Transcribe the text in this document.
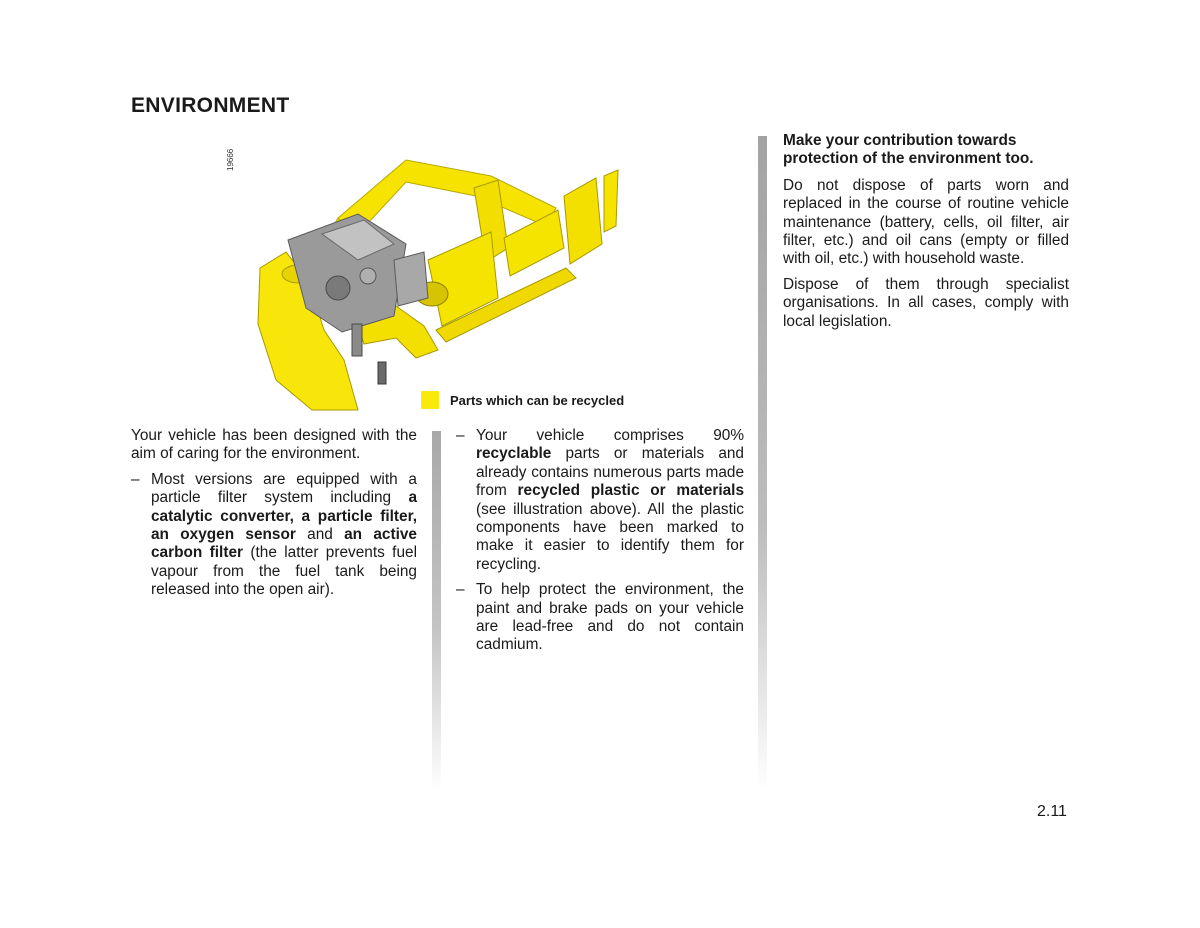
ENVIRONMENT
19666
Parts which can be recycled

Your vehicle has been designed with the aim of caring for the environment.

– Most versions are equipped with a particle filter system including a catalytic converter, a particle filter, an oxygen sensor and an active carbon filter (the latter prevents fuel vapour from the fuel tank being released into the open air).
– Your vehicle comprises 90% recyclable parts or materials and already contains numerous parts made from recycled plastic or materials (see illustration above). All the plastic components have been marked to make it easier to identify them for recycling.
– To help protect the environment, the paint and brake pads on your vehicle are lead-free and do not contain cadmium.

Make your contribution towards protection of the environment too.

Do not dispose of parts worn and replaced in the course of routine vehicle maintenance (battery, cells, oil filter, air filter, etc.) and oil cans (empty or filled with oil, etc.) with household waste.

Dispose of them through specialist organisations. In all cases, comply with local legislation.

2.11
